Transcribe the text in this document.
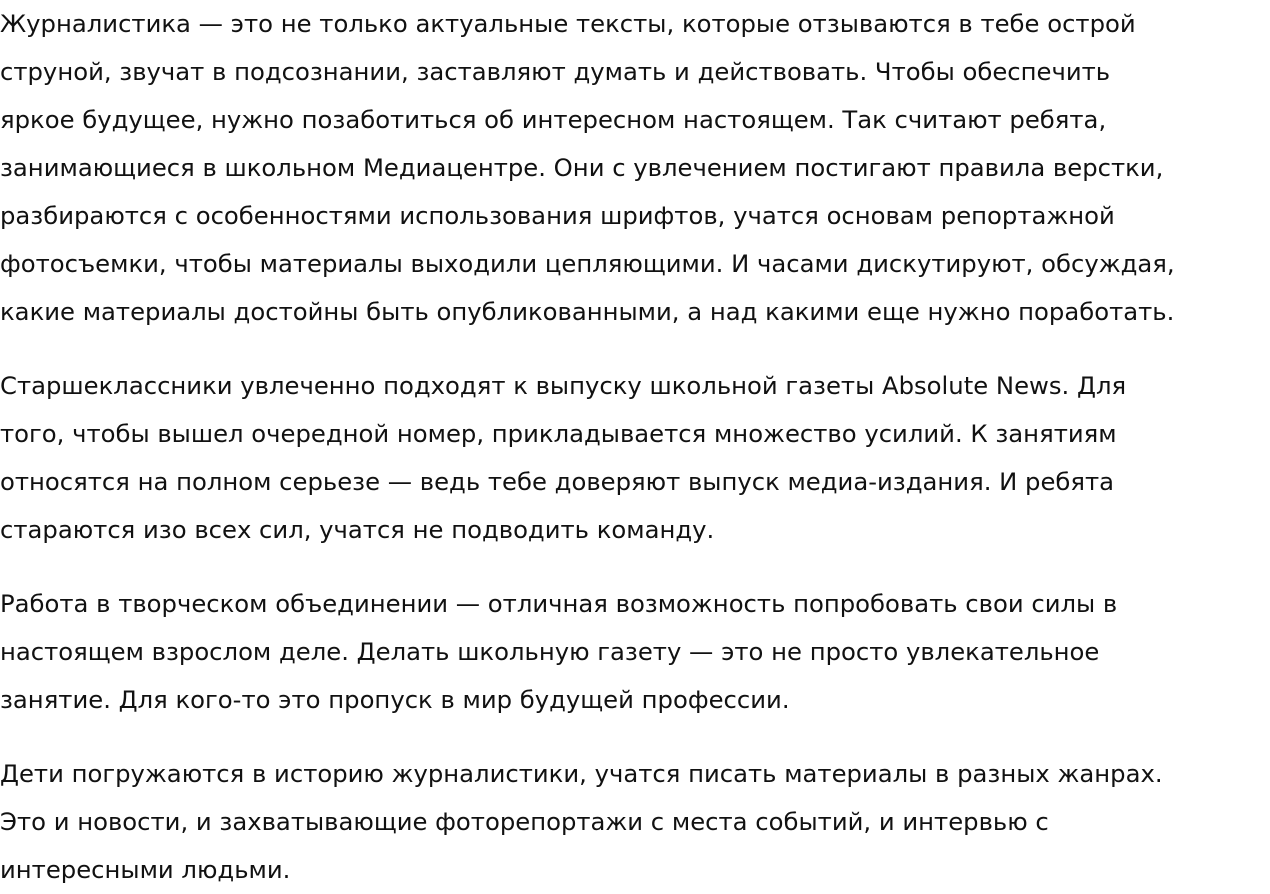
Журналистика — это не только актуальные тексты, которые отзываются в тебе острой
струной, звучат в подсознании, заставляют думать и действовать. Чтобы обеспечить
яркое будущее, нужно позаботиться об интересном настоящем. Так считают ребята,
занимающиеся в школьном Медиацентре. Они с увлечением постигают правила верстки,
разбираются с особенностями использования шрифтов, учатся основам репортажной
фотосъемки, чтобы материалы выходили цепляющими. И часами дискутируют, обсуждая,
какие материалы достойны быть опубликованными, а над какими еще нужно поработать.

Старшеклассники увлеченно подходят к выпуску школьной газеты Absolute News. Для
того, чтобы вышел очередной номер, прикладывается множество усилий. К занятиям
относятся на полном серьезе — ведь тебе доверяют выпуск медиа-издания. И ребята
стараются изо всех сил, учатся не подводить команду.

Работа в творческом объединении — отличная возможность попробовать свои силы в
настоящем взрослом деле. Делать школьную газету — это не просто увлекательное
занятие. Для кого-то это пропуск в мир будущей профессии.

Дети погружаются в историю журналистики, учатся писать материалы в разных жанрах.
Это и новости, и захватывающие фоторепортажи с места событий, и интервью с
интересными людьми.
